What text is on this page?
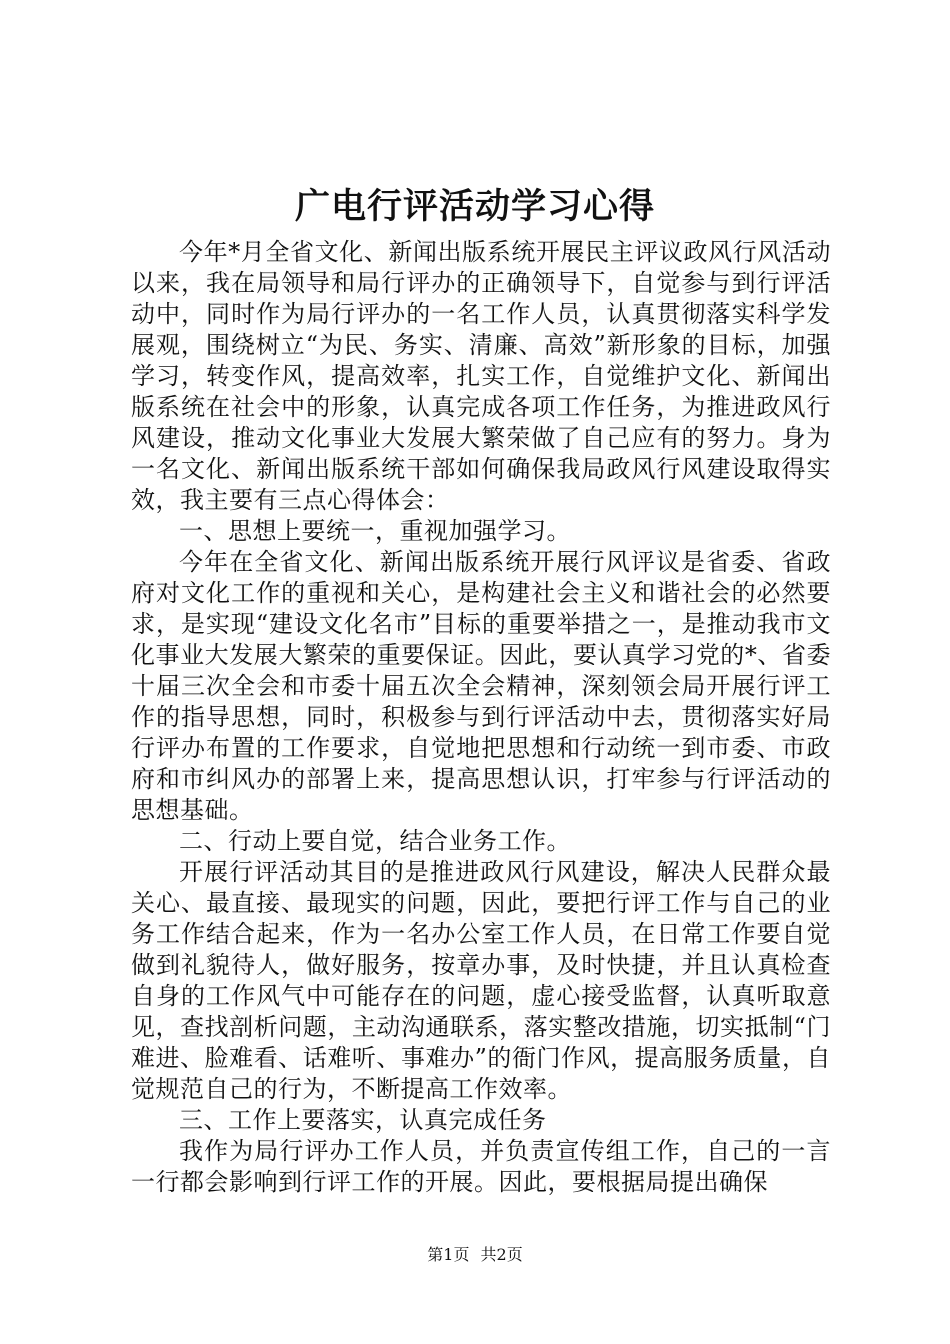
广电行评活动学习心得

今年*月全省文化、新闻出版系统开展民主评议政风行风活动以来，我在局领导和局行评办的正确领导下，自觉参与到行评活动中，同时作为局行评办的一名工作人员，认真贯彻落实科学发展观，围绕树立“为民、务实、清廉、高效”新形象的目标，加强学习，转变作风，提高效率，扎实工作，自觉维护文化、新闻出版系统在社会中的形象，认真完成各项工作任务，为推进政风行风建设，推动文化事业大发展大繁荣做了自己应有的努力。身为一名文化、新闻出版系统干部如何确保我局政风行风建设取得实效，我主要有三点心得体会：

一、思想上要统一，重视加强学习。

今年在全省文化、新闻出版系统开展行风评议是省委、省政府对文化工作的重视和关心，是构建社会主义和谐社会的必然要求，是实现“建设文化名市”目标的重要举措之一，是推动我市文化事业大发展大繁荣的重要保证。因此，要认真学习党的*、省委十届三次全会和市委十届五次全会精神，深刻领会局开展行评工作的指导思想，同时，积极参与到行评活动中去，贯彻落实好局行评办布置的工作要求，自觉地把思想和行动统一到市委、市政府和市纠风办的部署上来，提高思想认识，打牢参与行评活动的思想基础。

二、行动上要自觉，结合业务工作。

开展行评活动其目的是推进政风行风建设，解决人民群众最关心、最直接、最现实的问题，因此，要把行评工作与自己的业务工作结合起来，作为一名办公室工作人员，在日常工作要自觉做到礼貌待人，做好服务，按章办事，及时快捷，并且认真检查自身的工作风气中可能存在的问题，虚心接受监督，认真听取意见，查找剖析问题，主动沟通联系，落实整改措施，切实抵制“门难进、脸难看、话难听、事难办”的衙门作风，提高服务质量，自觉规范自己的行为，不断提高工作效率。

三、工作上要落实，认真完成任务

我作为局行评办工作人员，并负责宣传组工作，自己的一言一行都会影响到行评工作的开展。因此，要根据局提出确保

第1页 共2页
